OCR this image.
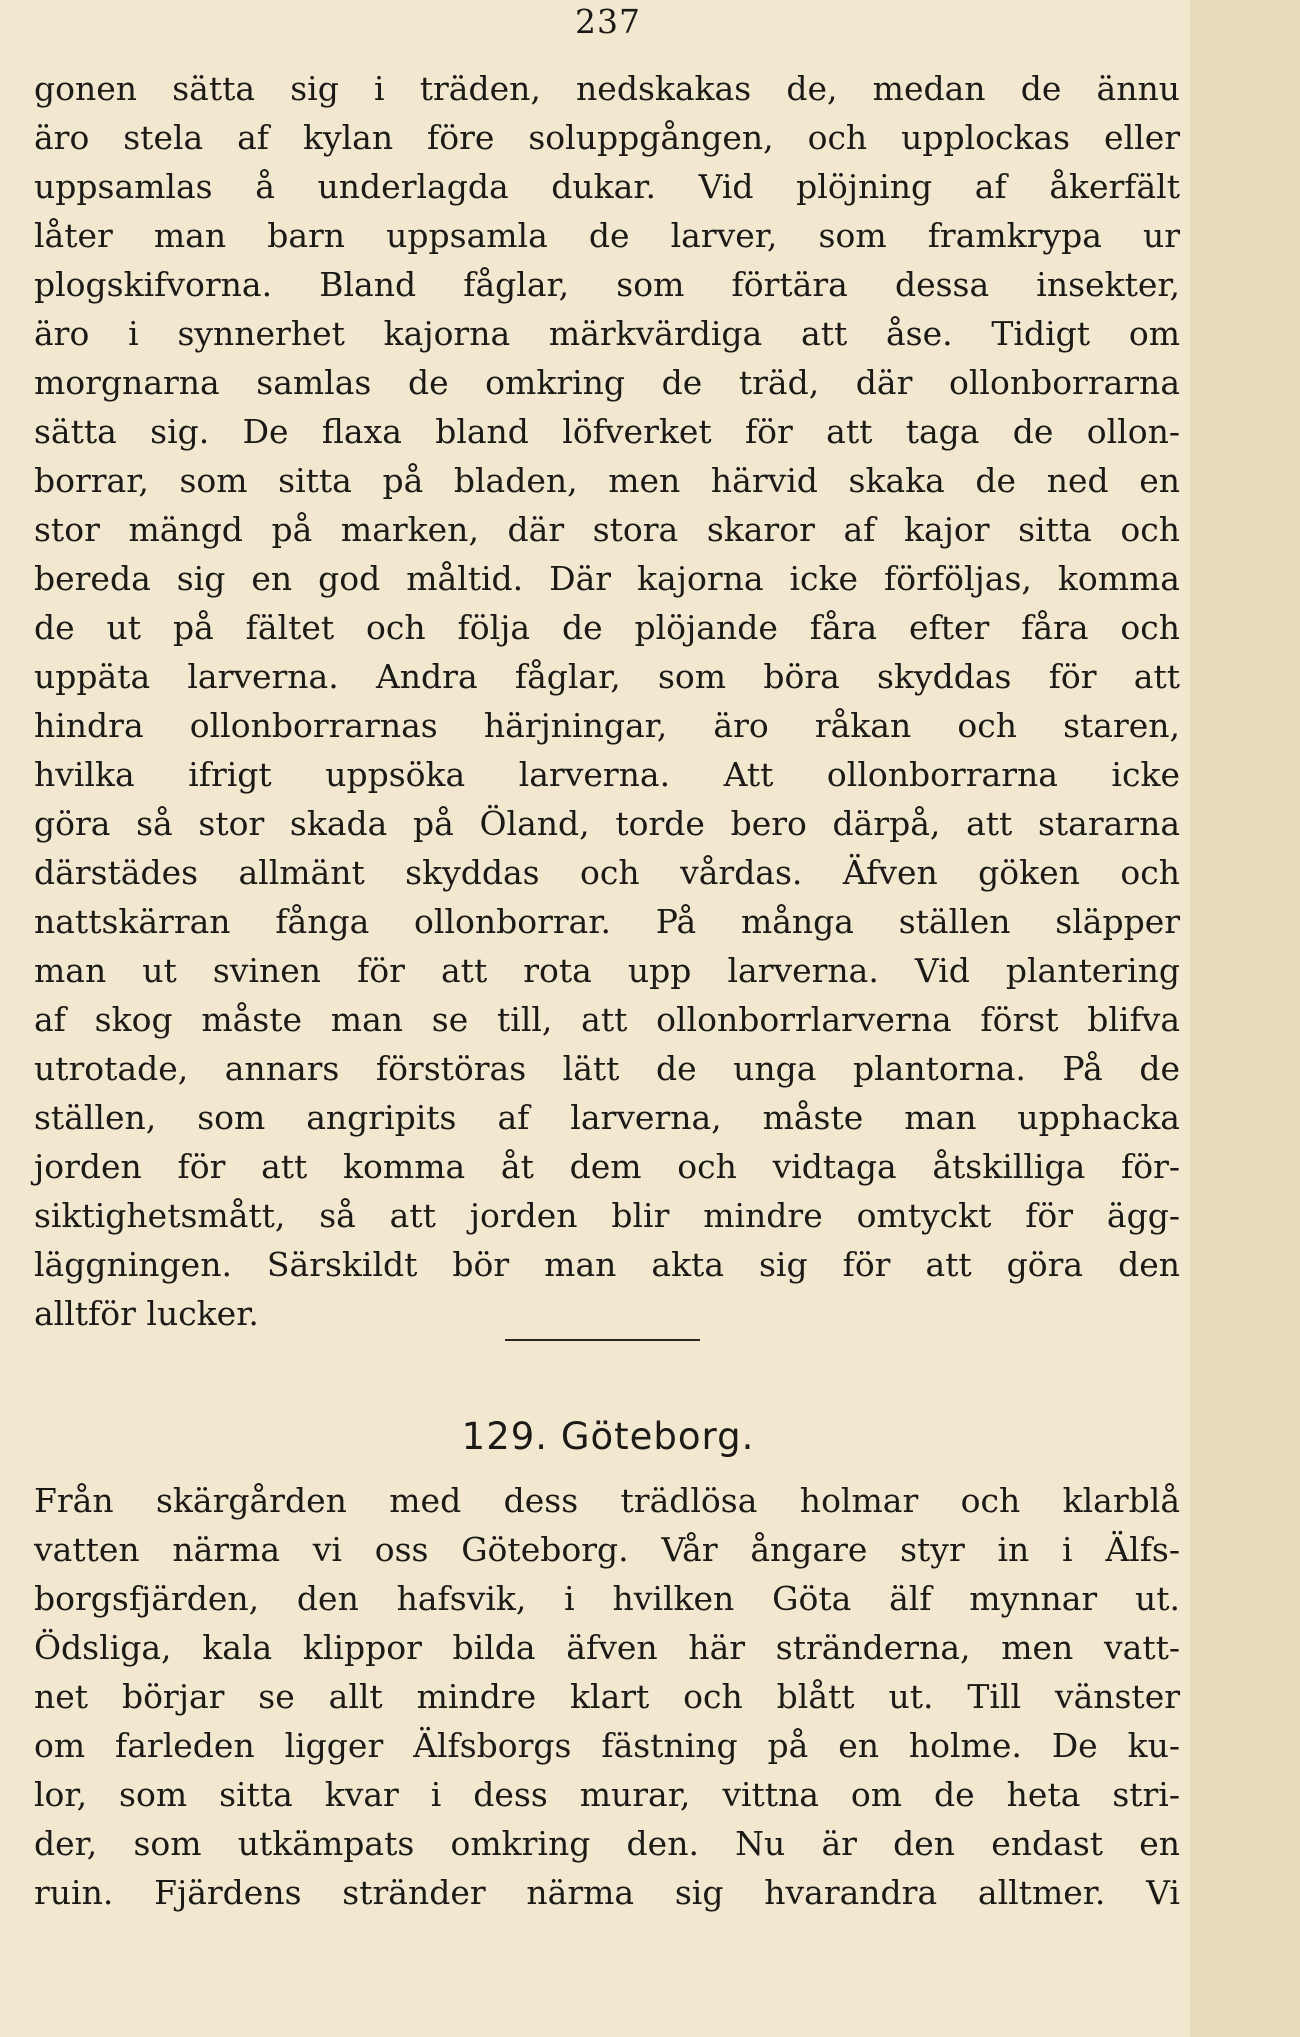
237
gonen sätta sig i träden, nedskakas de, medan de ännu
äro stela af kylan före soluppgången, och upplockas eller
uppsamlas å underlagda dukar. Vid plöjning af åkerfält
låter man barn uppsamla de larver, som framkrypa ur
plogskifvorna. Bland fåglar, som förtära dessa insekter,
äro i synnerhet kajorna märkvärdiga att åse. Tidigt om
morgnarna samlas de omkring de träd, där ollonborrarna
sätta sig. De flaxa bland löfverket för att taga de ollon-
borrar, som sitta på bladen, men härvid skaka de ned en
stor mängd på marken, där stora skaror af kajor sitta och
bereda sig en god måltid. Där kajorna icke förföljas, komma
de ut på fältet och följa de plöjande fåra efter fåra och
uppäta larverna. Andra fåglar, som böra skyddas för att
hindra ollonborrarnas härjningar, äro råkan och staren,
hvilka ifrigt uppsöka larverna. Att ollonborrarna icke
göra så stor skada på Öland, torde bero därpå, att stararna
därstädes allmänt skyddas och vårdas. Äfven göken och
nattskärran fånga ollonborrar. På många ställen släpper
man ut svinen för att rota upp larverna. Vid plantering
af skog måste man se till, att ollonborrlarverna först blifva
utrotade, annars förstöras lätt de unga plantorna. På de
ställen, som angripits af larverna, måste man upphacka
jorden för att komma åt dem och vidtaga åtskilliga för-
siktighetsmått, så att jorden blir mindre omtyckt för ägg-
läggningen. Särskildt bör man akta sig för att göra den
alltför lucker.
129. Göteborg.
Från skärgården med dess trädlösa holmar och klarblå
vatten närma vi oss Göteborg. Vår ångare styr in i Älfs-
borgsfjärden, den hafsvik, i hvilken Göta älf mynnar ut.
Ödsliga, kala klippor bilda äfven här stränderna, men vatt-
net börjar se allt mindre klart och blått ut. Till vänster
om farleden ligger Älfsborgs fästning på en holme. De ku-
lor, som sitta kvar i dess murar, vittna om de heta stri-
der, som utkämpats omkring den. Nu är den endast en
ruin. Fjärdens stränder närma sig hvarandra alltmer. Vi
